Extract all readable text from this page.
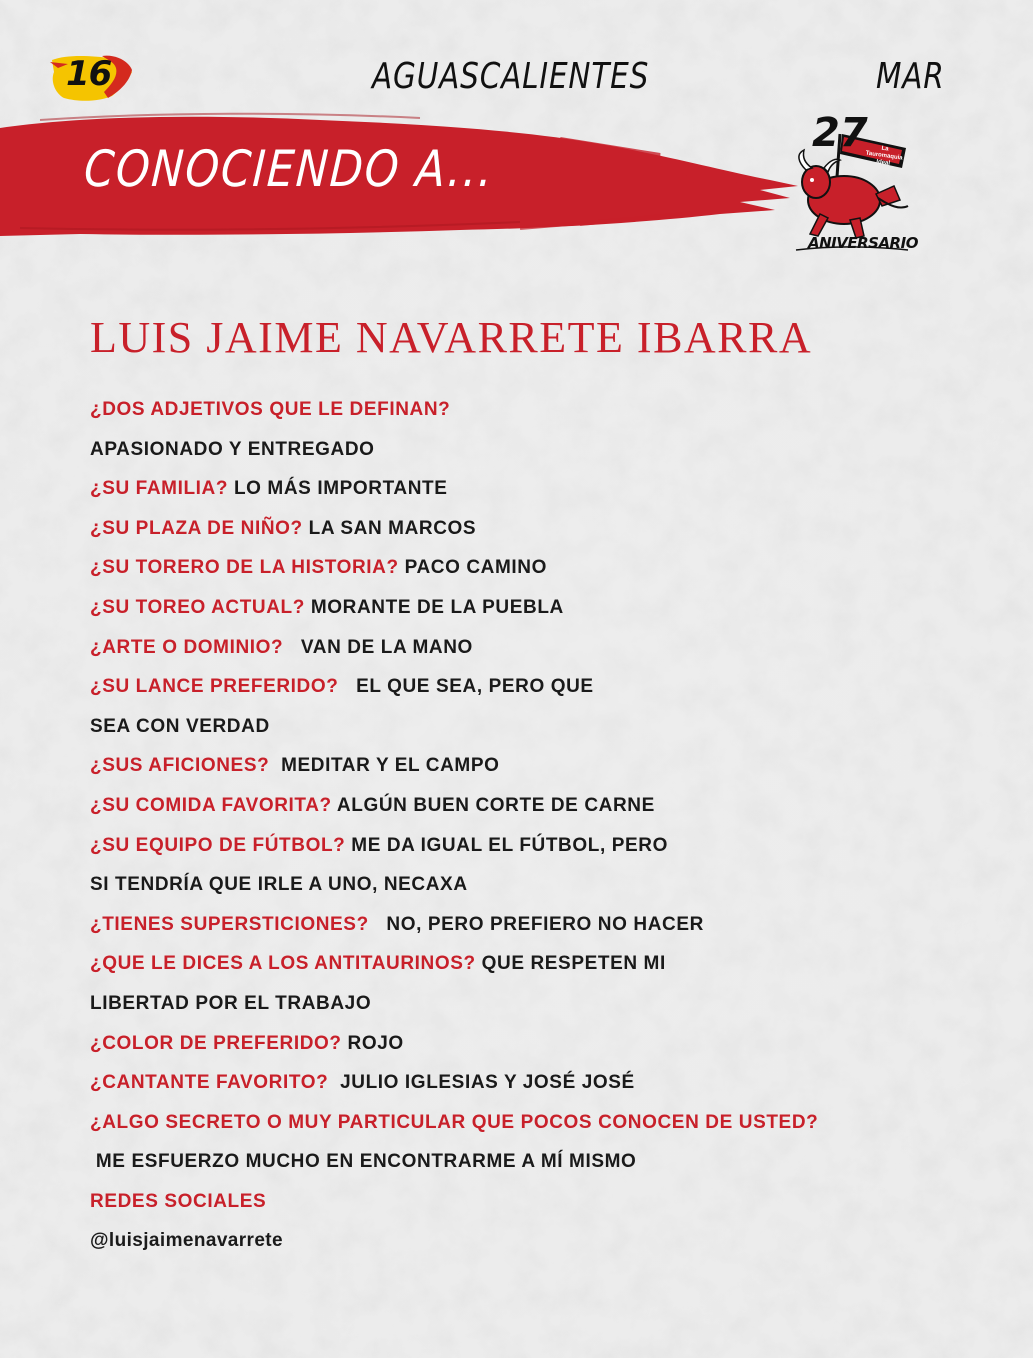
16	AGUASCALIENTES	MAR
CONOCIENDO A...
27	La Tauromaquia Ideal
ANIVERSARIO
LUIS JAIME NAVARRETE IBARRA
¿DOS ADJETIVOS QUE LE DEFINAN?
APASIONADO Y ENTREGADO
¿SU FAMILIA? LO MÁS IMPORTANTE
¿SU PLAZA DE NIÑO? LA SAN MARCOS
¿SU TORERO DE LA HISTORIA? PACO CAMINO
¿SU TOREO ACTUAL? MORANTE DE LA PUEBLA
¿ARTE O DOMINIO?   VAN DE LA MANO
¿SU LANCE PREFERIDO?   EL QUE SEA, PERO QUE
SEA CON VERDAD
¿SUS AFICIONES?  MEDITAR Y EL CAMPO
¿SU COMIDA FAVORITA? ALGÚN BUEN CORTE DE CARNE
¿SU EQUIPO DE FÚTBOL? ME DA IGUAL EL FÚTBOL, PERO
SI TENDRÍA QUE IRLE A UNO, NECAXA
¿TIENES SUPERSTICIONES?   NO, PERO PREFIERO NO HACER
¿QUE LE DICES A LOS ANTITAURINOS? QUE RESPETEN MI
LIBERTAD POR EL TRABAJO
¿COLOR DE PREFERIDO? ROJO
¿CANTANTE FAVORITO?  JULIO IGLESIAS Y JOSÉ JOSÉ
¿ALGO SECRETO O MUY PARTICULAR QUE POCOS CONOCEN DE USTED?
ME ESFUERZO MUCHO EN ENCONTRARME A MÍ MISMO
REDES SOCIALES
@luisjaimenavarrete
